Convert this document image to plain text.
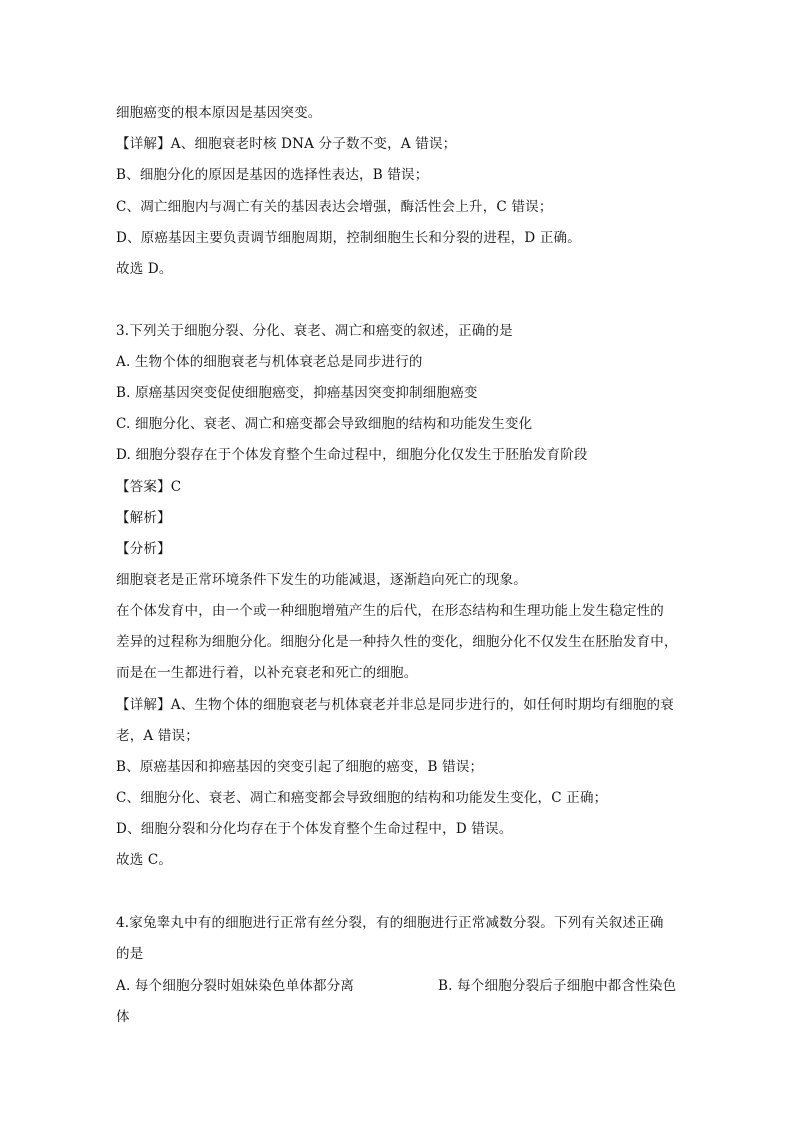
细胞癌变的根本原因是基因突变。
【详解】A、细胞衰老时核 DNA 分子数不变，A 错误；
B、细胞分化的原因是基因的选择性表达，B 错误；
C、凋亡细胞内与凋亡有关的基因表达会增强，酶活性会上升，C 错误；
D、原癌基因主要负责调节细胞周期，控制细胞生长和分裂的进程，D 正确。
故选 D。
3.下列关于细胞分裂、分化、衰老、凋亡和癌变的叙述，正确的是
A. 生物个体的细胞衰老与机体衰老总是同步进行的
B. 原癌基因突变促使细胞癌变，抑癌基因突变抑制细胞癌变
C. 细胞分化、衰老、凋亡和癌变都会导致细胞的结构和功能发生变化
D. 细胞分裂存在于个体发育整个生命过程中，细胞分化仅发生于胚胎发育阶段
【答案】C
【解析】
【分析】
细胞衰老是正常环境条件下发生的功能减退，逐渐趋向死亡的现象。
在个体发育中，由一个或一种细胞增殖产生的后代，在形态结构和生理功能上发生稳定性的
差异的过程称为细胞分化。细胞分化是一种持久性的变化，细胞分化不仅发生在胚胎发育中，
而是在一生都进行着，以补充衰老和死亡的细胞。
【详解】A、生物个体的细胞衰老与机体衰老并非总是同步进行的，如任何时期均有细胞的衰
老，A 错误；
B、原癌基因和抑癌基因的突变引起了细胞的癌变，B 错误；
C、细胞分化、衰老、凋亡和癌变都会导致细胞的结构和功能发生变化，C 正确；
D、细胞分裂和分化均存在于个体发育整个生命过程中，D 错误。
故选 C。
4.家兔睾丸中有的细胞进行正常有丝分裂，有的细胞进行正常减数分裂。下列有关叙述正确
的是
A. 每个细胞分裂时姐妹染色单体都分离	B. 每个细胞分裂后子细胞中都含性染色
体
